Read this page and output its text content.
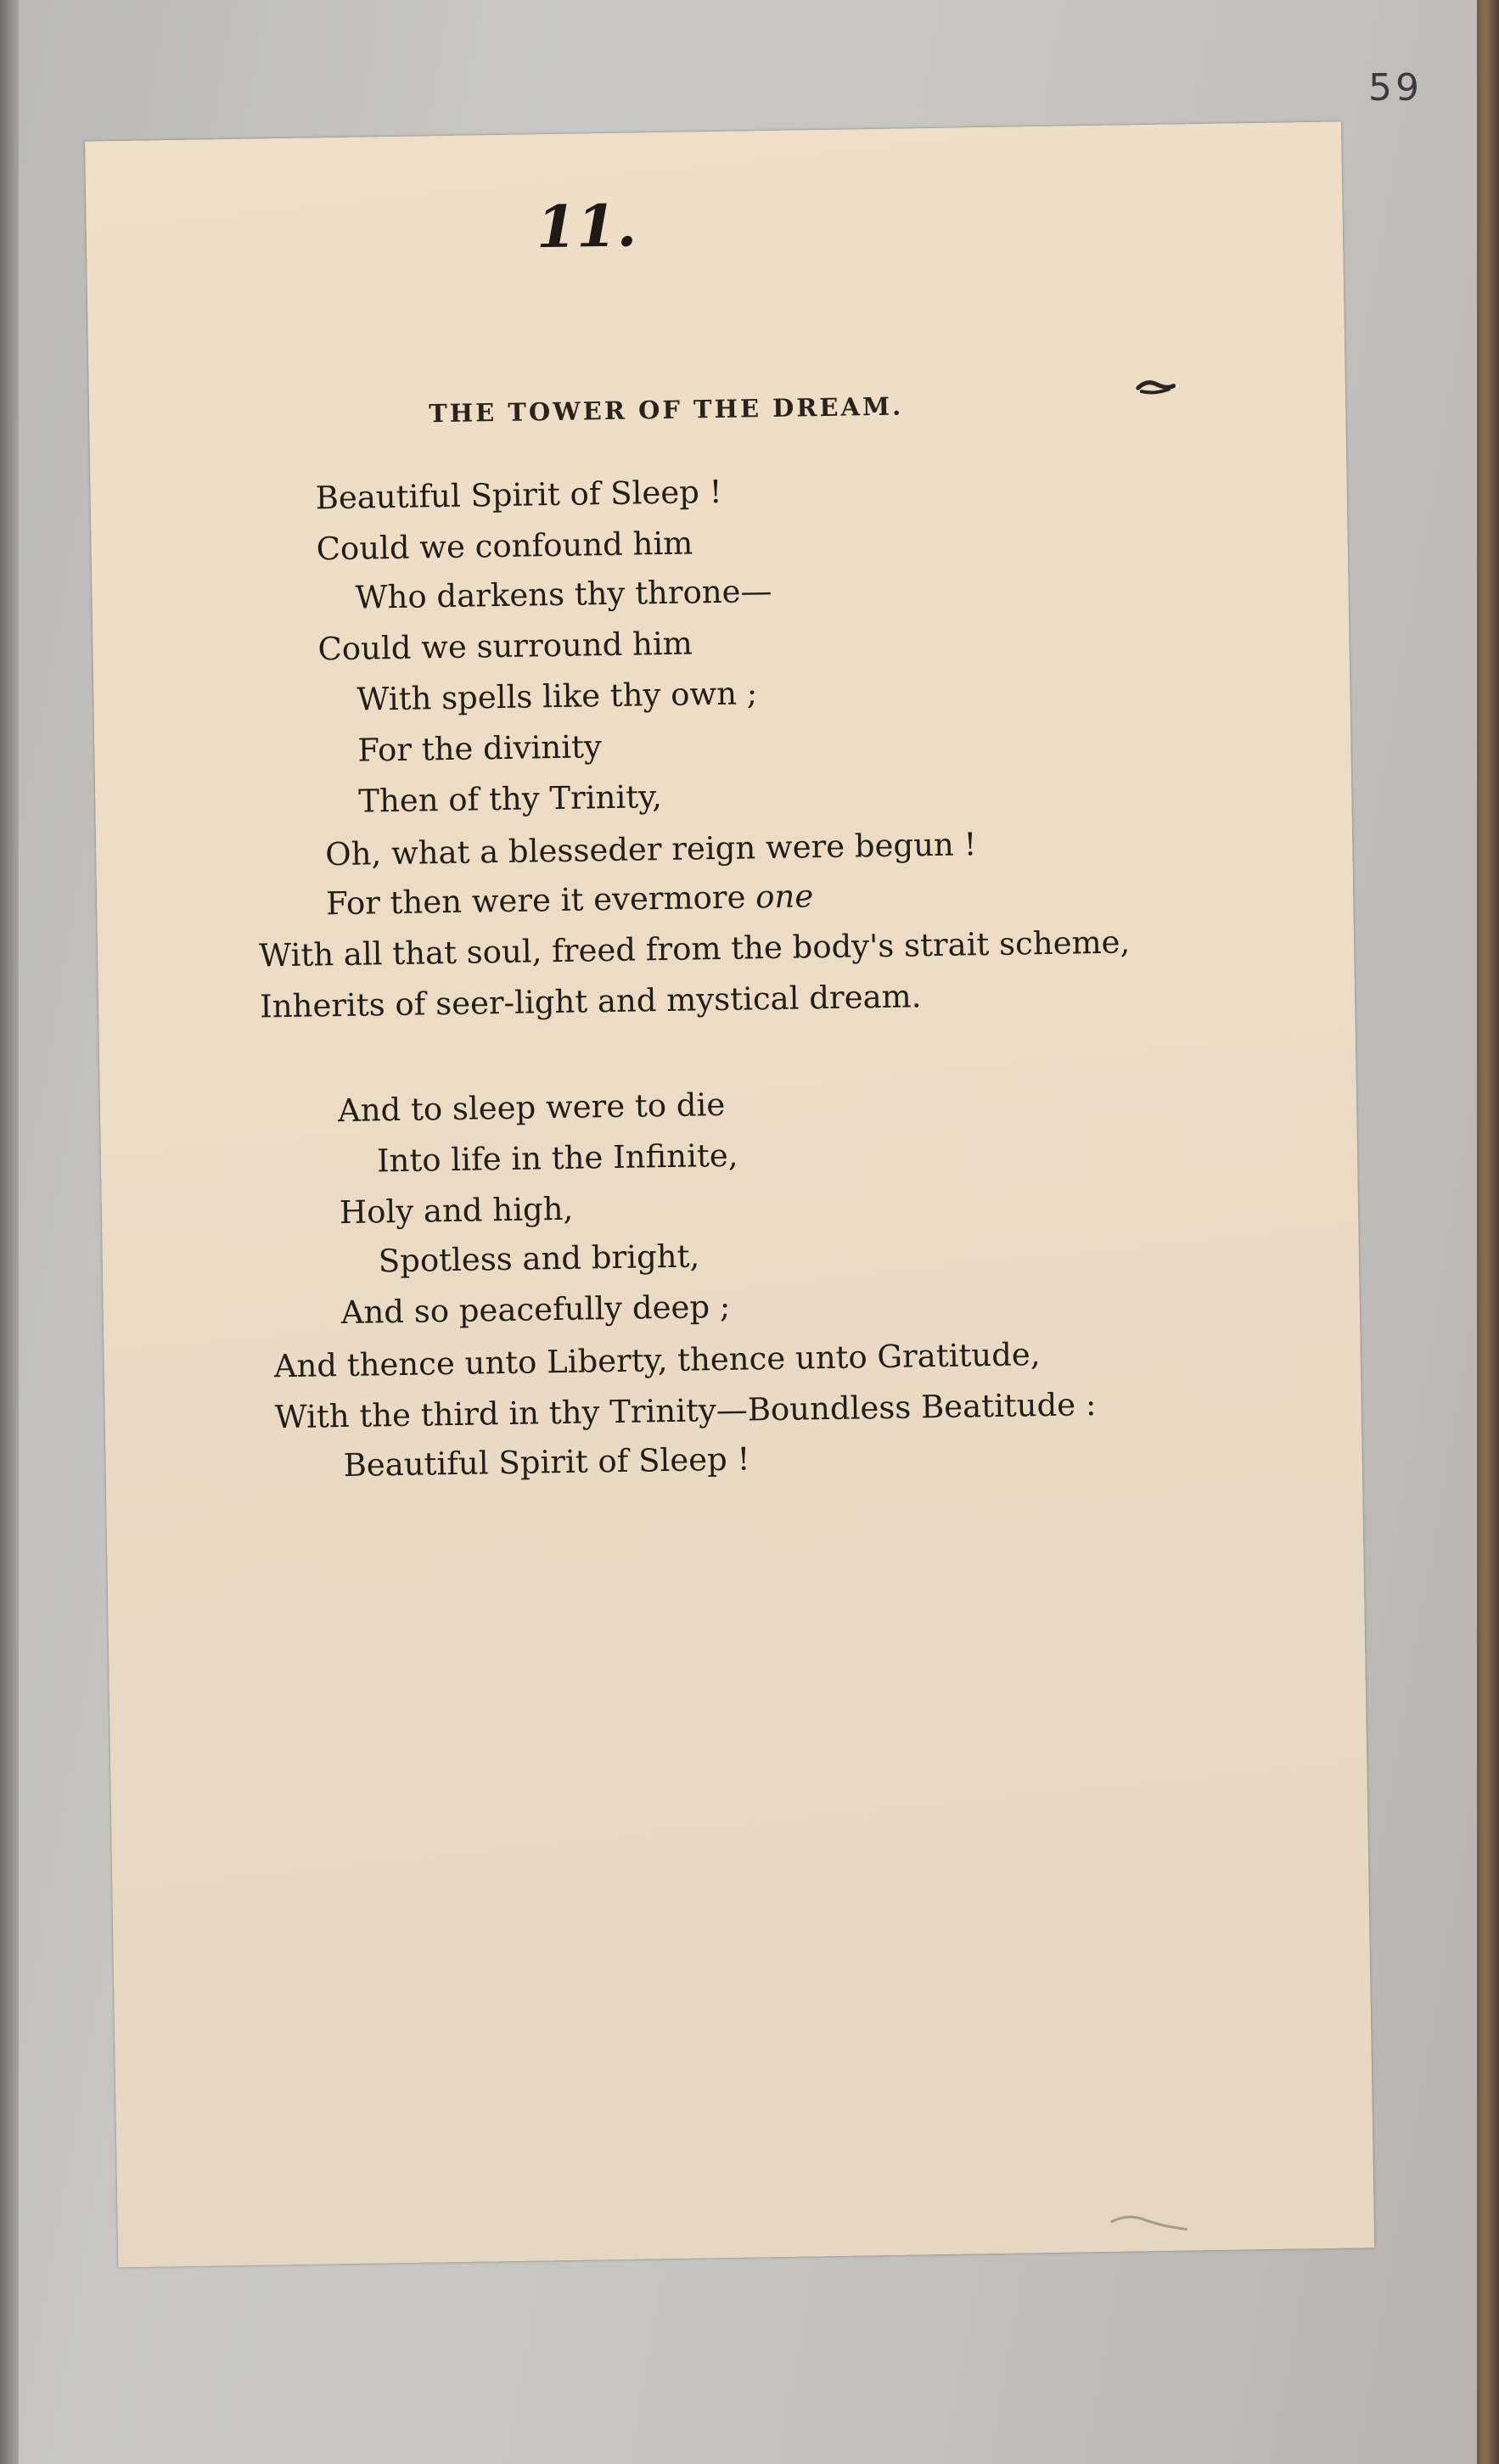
59
11.
THE TOWER OF THE DREAM.
Beautiful Spirit of Sleep !
Could we confound him
Who darkens thy throne—
Could we surround him
With spells like thy own ;
For the divinity
Then of thy Trinity,
Oh, what a blesseder reign were begun !
For then were it evermore one
With all that soul, freed from the body's strait scheme,
Inherits of seer-light and mystical dream.
And to sleep were to die
Into life in the Infinite,
Holy and high,
Spotless and bright,
And so peacefully deep ;
And thence unto Liberty, thence unto Gratitude,
With the third in thy Trinity—Boundless Beatitude :
Beautiful Spirit of Sleep !
